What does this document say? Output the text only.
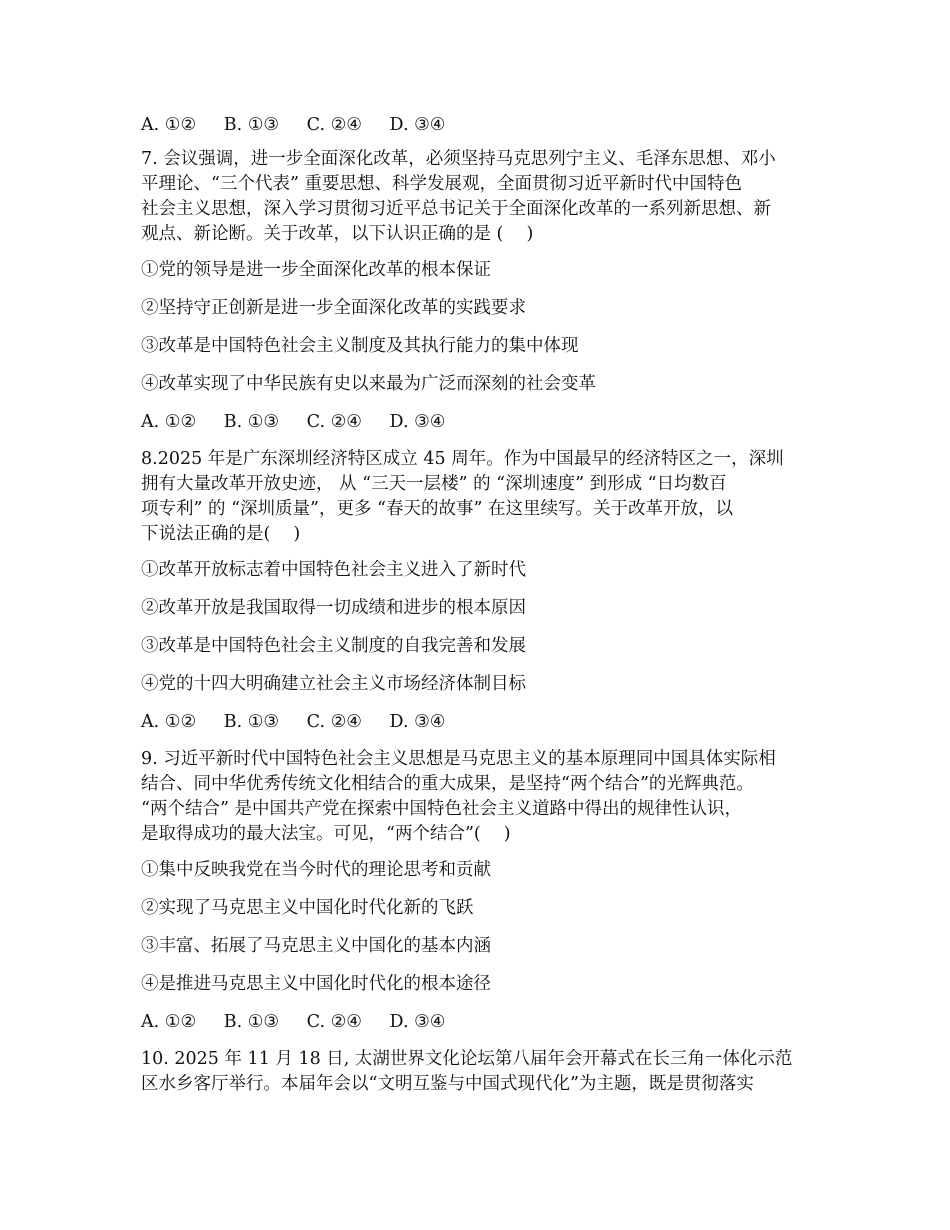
A. ①② B. ①③ C. ②④ D. ③④
7. 会议强调，进一步全面深化改革，必须坚持马克思列宁主义、毛泽东思想、邓小
平理论、“三个代表” 重要思想、科学发展观，全面贯彻习近平新时代中国特色
社会主义思想，深入学习贯彻习近平总书记关于全面深化改革的一系列新思想、新
观点、新论断。关于改革，以下认识正确的是 (　 )
①党的领导是进一步全面深化改革的根本保证
②坚持守正创新是进一步全面深化改革的实践要求
③改革是中国特色社会主义制度及其执行能力的集中体现
④改革实现了中华民族有史以来最为广泛而深刻的社会变革
A. ①② B. ①③ C. ②④ D. ③④
8.2025 年是广东深圳经济特区成立 45 周年。作为中国最早的经济特区之一，深圳
拥有大量改革开放史迹， 从 “三天一层楼” 的 “深圳速度” 到形成 “日均数百
项专利” 的 “深圳质量”，更多 “春天的故事” 在这里续写。关于改革开放，以
下说法正确的是(　 )
①改革开放标志着中国特色社会主义进入了新时代
②改革开放是我国取得一切成绩和进步的根本原因
③改革是中国特色社会主义制度的自我完善和发展
④党的十四大明确建立社会主义市场经济体制目标
A. ①② B. ①③ C. ②④ D. ③④
9. 习近平新时代中国特色社会主义思想是马克思主义的基本原理同中国具体实际相
结合、同中华优秀传统文化相结合的重大成果，是坚持“两个结合”的光辉典范。
“两个结合” 是中国共产党在探索中国特色社会主义道路中得出的规律性认识，
是取得成功的最大法宝。可见，“两个结合”(　 )
①集中反映我党在当今时代的理论思考和贡献
②实现了马克思主义中国化时代化新的飞跃
③丰富、拓展了马克思主义中国化的基本内涵
④是推进马克思主义中国化时代化的根本途径
A. ①② B. ①③ C. ②④ D. ③④
10. 2025 年 11 月 18 日, 太湖世界文化论坛第八届年会开幕式在长三角一体化示范
区水乡客厅举行。本届年会以“文明互鉴与中国式现代化”为主题，既是贯彻落实
